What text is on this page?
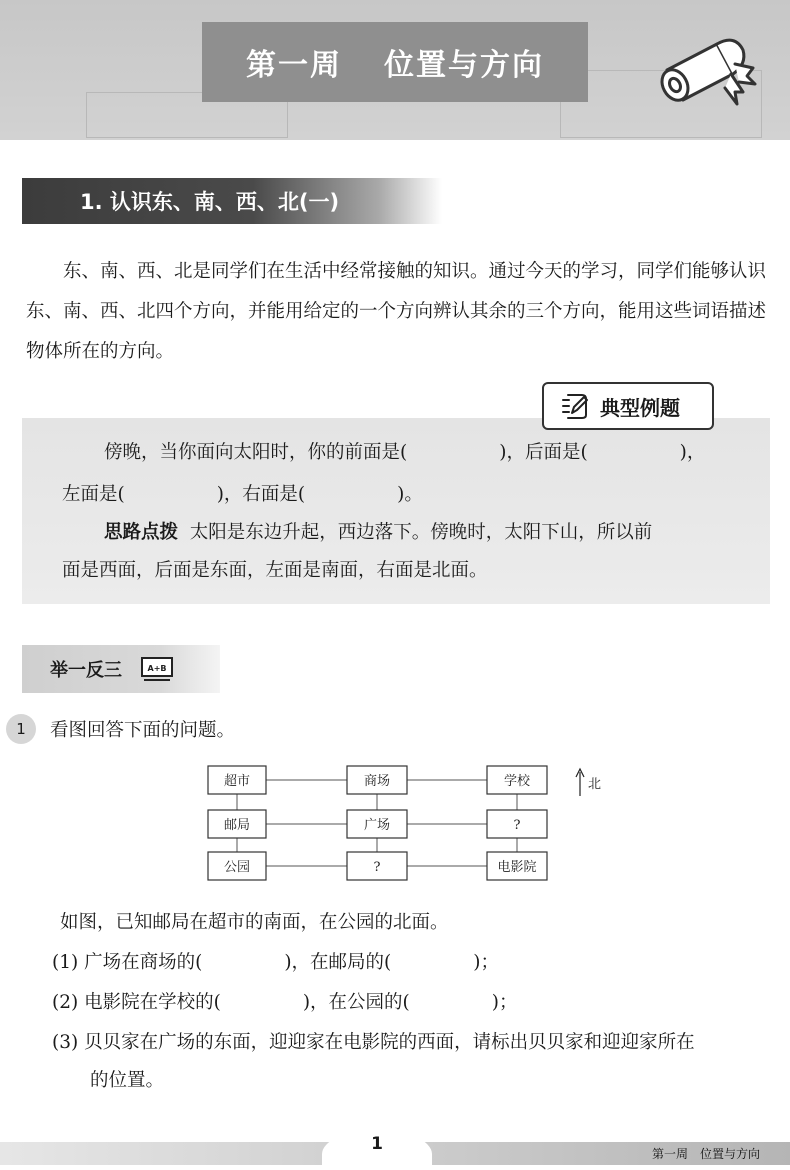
第一周 位置与方向
1. 认识东、南、西、北(一)

东、南、西、北是同学们在生活中经常接触的知识。通过今天的学习，同学们能够认识东、南、西、北四个方向，并能用给定的一个方向辨认其余的三个方向，能用这些词语描述物体所在的方向。

傍晚，当你面向太阳时，你的前面是(	)，后面是(	)，

左面是(	)，右面是(	)。

思路点拨 太阳是东边升起，西边落下。傍晚时，太阳下山，所以前

面是西面，后面是东面，左面是南面，右面是北面。

典型例题
举一反三	A+B
1 看图回答下面的问题。

超市	商场	学校
邮局	广场	?
公园	?	电影院
北

如图，已知邮局在超市的南面，在公园的北面。

(1) 广场在商场的(	)，在邮局的(	)；

(2) 电影院在学校的(	)，在公园的(	)；

(3) 贝贝家在广场的东面，迎迎家在电影院的西面，请标出贝贝家和迎迎家所在

的位置。

1	第一周　位置与方向
